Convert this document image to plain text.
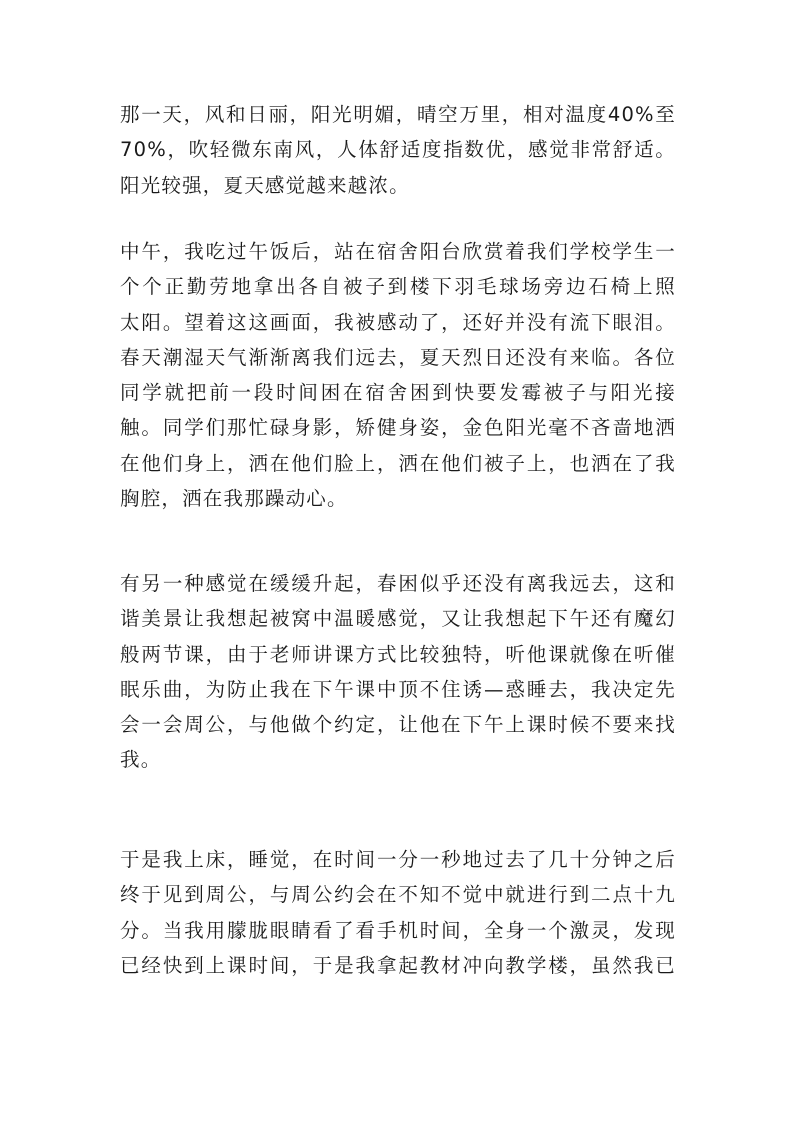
那一天，风和日丽，阳光明媚，晴空万里，相对温度40%至
70%，吹轻微东南风，人体舒适度指数优，感觉非常舒适。
阳光较强，夏天感觉越来越浓。
中午，我吃过午饭后，站在宿舍阳台欣赏着我们学校学生一
个个正勤劳地拿出各自被子到楼下羽毛球场旁边石椅上照
太阳。望着这这画面，我被感动了，还好并没有流下眼泪。
春天潮湿天气渐渐离我们远去，夏天烈日还没有来临。各位
同学就把前一段时间困在宿舍困到快要发霉被子与阳光接
触。同学们那忙碌身影，矫健身姿，金色阳光毫不吝啬地洒
在他们身上，洒在他们脸上，洒在他们被子上，也洒在了我
胸腔，洒在我那躁动心。
有另一种感觉在缓缓升起，春困似乎还没有离我远去，这和
谐美景让我想起被窝中温暖感觉，又让我想起下午还有魔幻
般两节课，由于老师讲课方式比较独特，听他课就像在听催
眠乐曲，为防止我在下午课中顶不住诱—惑睡去，我决定先
会一会周公，与他做个约定，让他在下午上课时候不要来找
我。
于是我上床，睡觉，在时间一分一秒地过去了几十分钟之后
终于见到周公，与周公约会在不知不觉中就进行到二点十九
分。当我用朦胧眼睛看了看手机时间，全身一个激灵，发现
已经快到上课时间，于是我拿起教材冲向教学楼，虽然我已
